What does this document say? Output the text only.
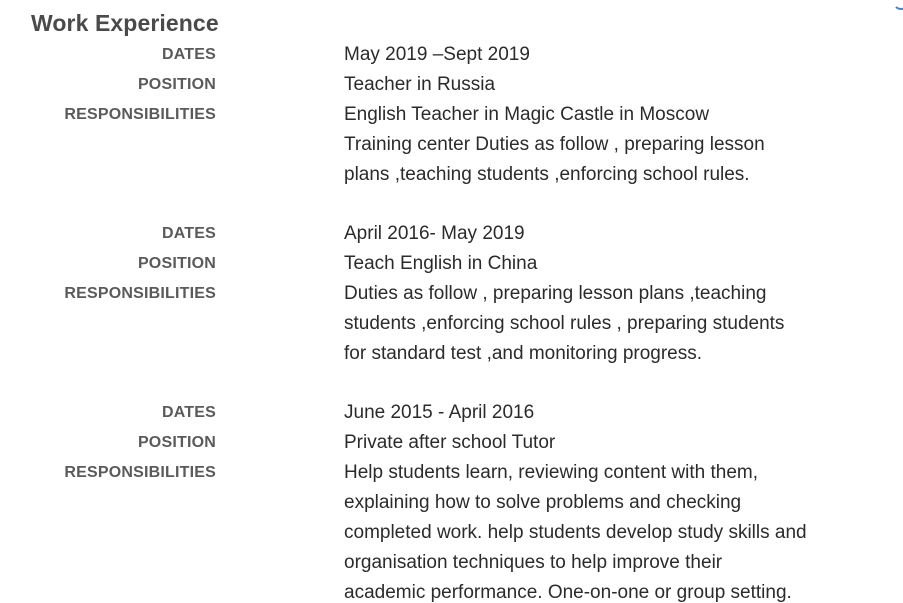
Work Experience
DATES	May 2019 –Sept 2019
POSITION	Teacher in Russia
RESPONSIBILITIES	English Teacher in Magic Castle in Moscow
Training center Duties as follow , preparing lesson
plans ,teaching students ,enforcing school rules.
DATES	April 2016- May 2019
POSITION	Teach English in China
RESPONSIBILITIES	Duties as follow , preparing lesson plans ,teaching
students ,enforcing school rules , preparing students
for standard test ,and monitoring progress.
DATES	June 2015 - April 2016
POSITION	Private after school Tutor
RESPONSIBILITIES	Help students learn, reviewing content with them,
explaining how to solve problems and checking
completed work. help students develop study skills and
organisation techniques to help improve their
academic performance. One-on-one or group setting.
